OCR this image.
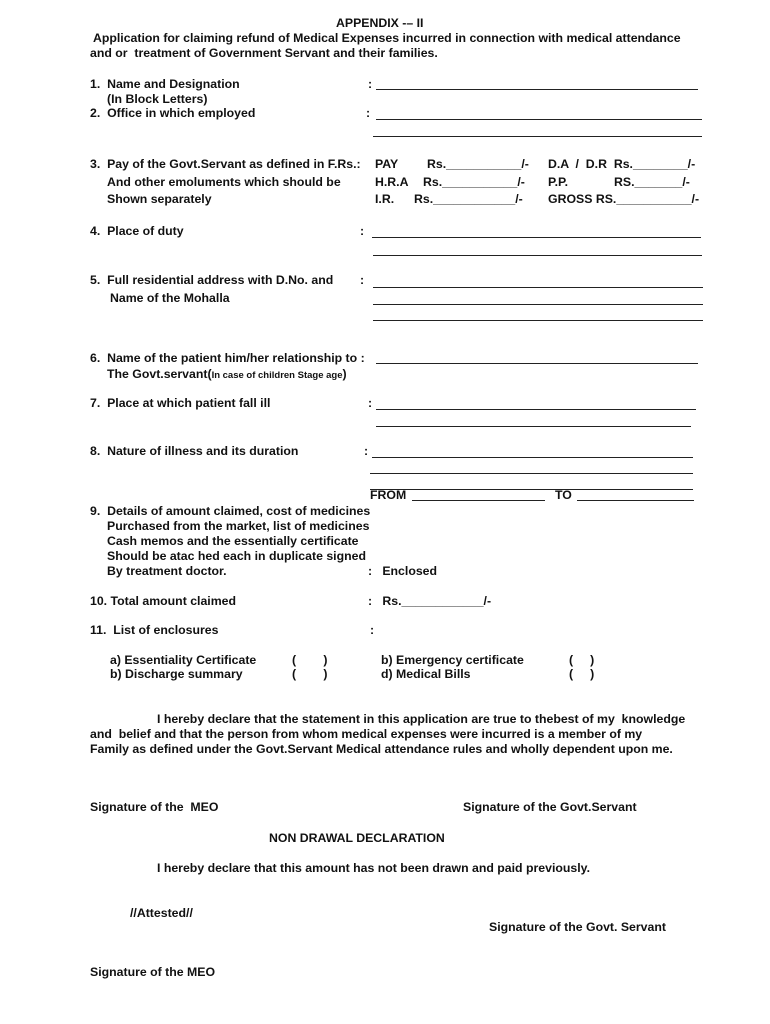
APPENDIX -– II
Application for claiming refund of Medical Expenses incurred in connection with medical attendance
and or  treatment of Government Servant and their families.
1.  Name and Designation
(In Block Letters)
:
2.  Office in which employed	:
3.  Pay of the Govt.Servant as defined in F.Rs.:
And other emoluments which should be
Shown separately
PAY Rs.___________/- D.A  /  D.R  Rs.________/-
H.R.A Rs.___________/- P.P.	RS._______/-
I.R. Rs.____________/- GROSS RS.___________/-
4.  Place of duty	:
5.  Full residential address with D.No. and
Name of the Mohalla
:
6.  Name of the patient him/her relationship to :
The Govt.servant(In case of children Stage age)
7.  Place at which patient fall ill	:
8.  Nature of illness and its duration	:
FROM	TO
9.  Details of amount claimed, cost of medicines
Purchased from the market, list of medicines
Cash memos and the essentially certificate
Should be atac hed each in duplicate signed
By treatment doctor.	:   Enclosed
10. Total amount claimed	:   Rs.____________/-
11.  List of enclosures	:
a) Essentiality Certificate	(        )	b) Emergency certificate	(     )
b) Discharge summary	(        )	d) Medical Bills	(     )
I hereby declare that the statement in this application are true to thebest of my  knowledge
and  belief and that the person from whom medical expenses were incurred is a member of my
Family as defined under the Govt.Servant Medical attendance rules and wholly dependent upon me.
Signature of the  MEO	Signature of the Govt.Servant
NON DRAWAL DECLARATION
I hereby declare that this amount has not been drawn and paid previously.
//Attested//
Signature of the Govt. Servant
Signature of the MEO
